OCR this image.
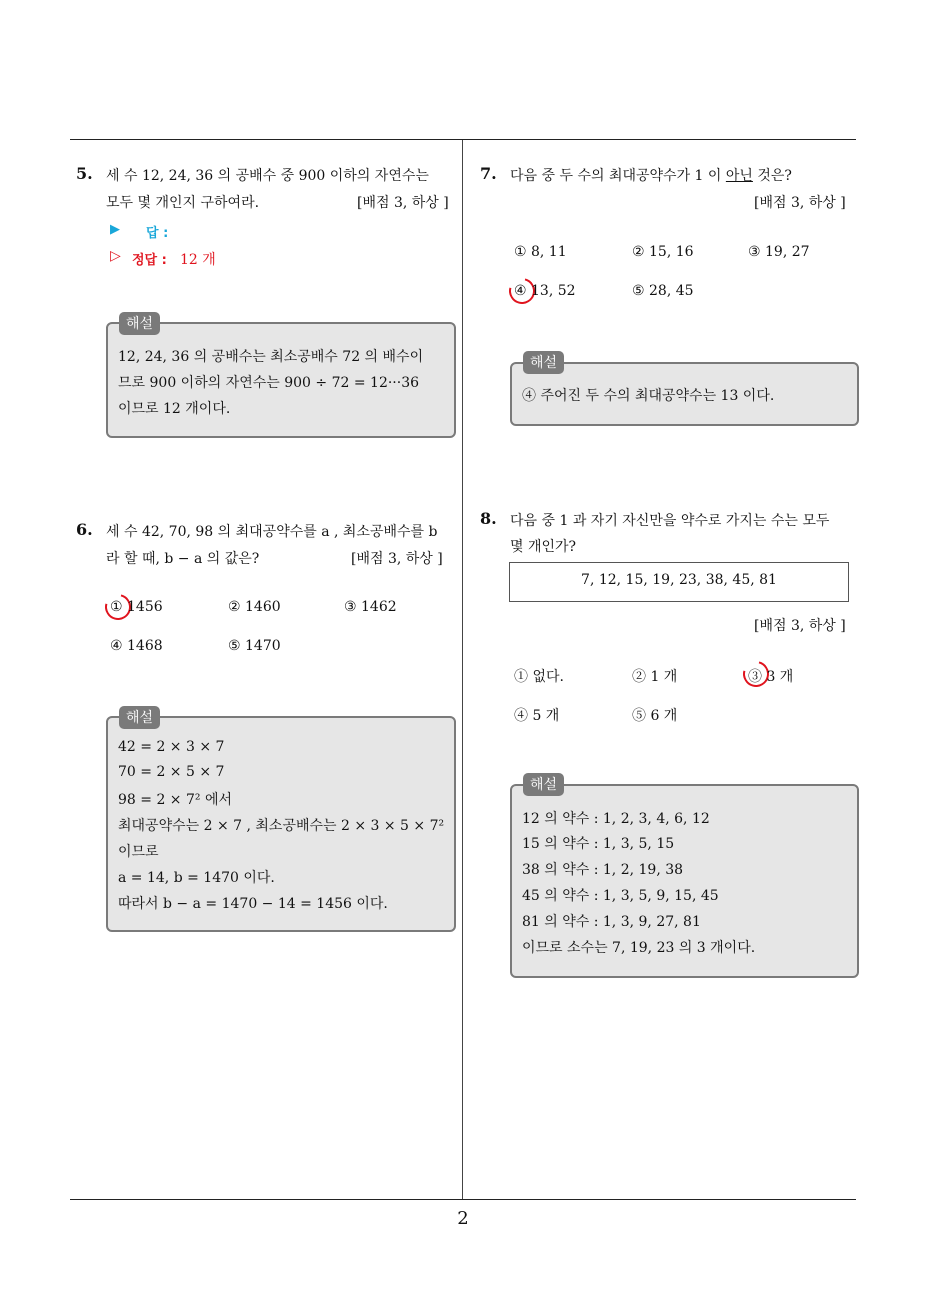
5. 세 수 12, 24, 36 의 공배수 중 900 이하의 자연수는
모두 몇 개인지 구하여라.	[배점 3, 하상 ]
▶ 답 :
▷ 정답 : 12 개
해설
12, 24, 36 의 공배수는 최소공배수 72 의 배수이
므로 900 이하의 자연수는 900 ÷ 72 = 12···36
이므로 12 개이다.
6. 세 수 42, 70, 98 의 최대공약수를 a , 최소공배수를 b
라 할 때, b − a 의 값은?	[배점 3, 하상 ]
① 1456	② 1460	③ 1462
④ 1468	⑤ 1470
해설
42 = 2 × 3 × 7
70 = 2 × 5 × 7
98 = 2 × 7² 에서
최대공약수는 2 × 7 , 최소공배수는 2 × 3 × 5 × 7²
이므로
a = 14, b = 1470 이다.
따라서 b − a = 1470 − 14 = 1456 이다.
7. 다음 중 두 수의 최대공약수가 1 이 아닌 것은?
[배점 3, 하상 ]
① 8, 11	② 15, 16	③ 19, 27
④ 13, 52	⑤ 28, 45
해설
④ 주어진 두 수의 최대공약수는 13 이다.
8. 다음 중 1 과 자기 자신만을 약수로 가지는 수는 모두
몇 개인가?
7, 12, 15, 19, 23, 38, 45, 81
[배점 3, 하상 ]
① 없다.	② 1 개	③ 3 개
④ 5 개	⑤ 6 개
해설
12 의 약수 : 1, 2, 3, 4, 6, 12
15 의 약수 : 1, 3, 5, 15
38 의 약수 : 1, 2, 19, 38
45 의 약수 : 1, 3, 5, 9, 15, 45
81 의 약수 : 1, 3, 9, 27, 81
이므로 소수는 7, 19, 23 의 3 개이다.
2
